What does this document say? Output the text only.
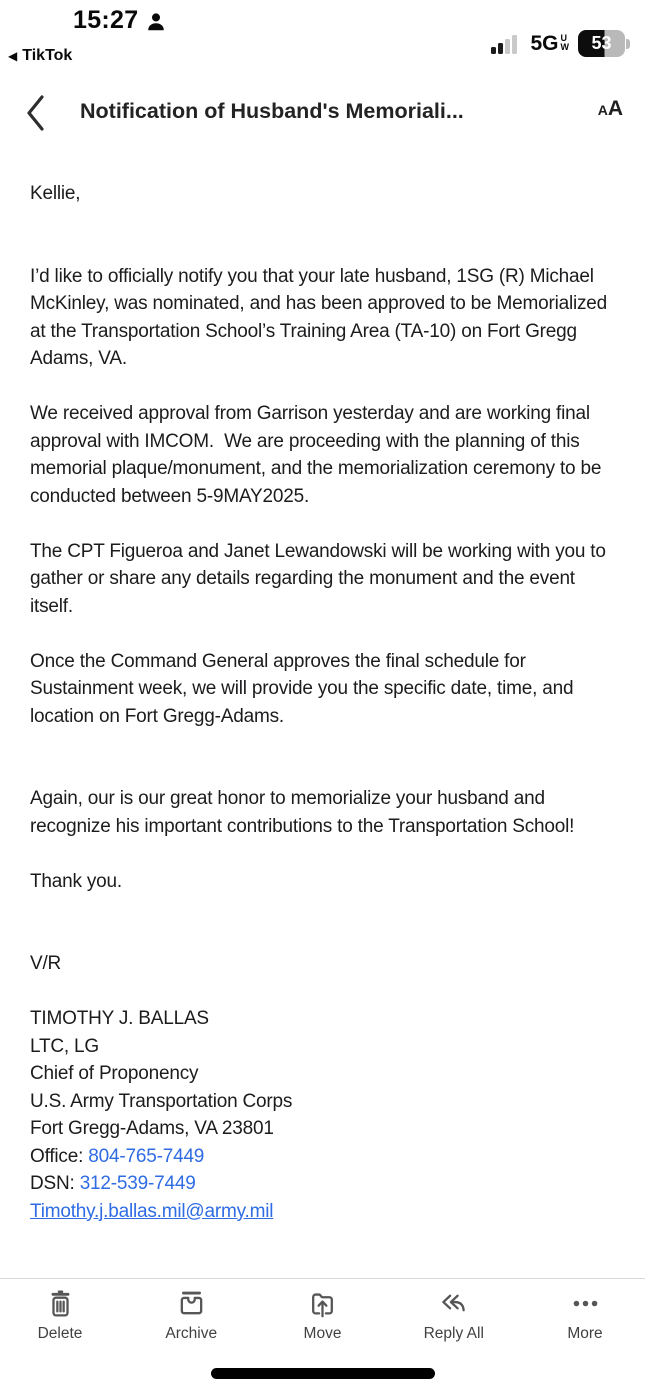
15:27
◀ TikTok
5G U
W 53
Notification of Husband's Memoriali...	A A
Kellie,
I’d like to officially notify you that your late husband, 1SG (R) Michael McKinley, was nominated, and has been approved to be Memorialized at the Transportation School’s Training Area (TA-10) on Fort Gregg Adams, VA.
We received approval from Garrison yesterday and are working final approval with IMCOM.  We are proceeding with the planning of this memorial plaque/monument, and the memorialization ceremony to be conducted between 5-9MAY2025.
The CPT Figueroa and Janet Lewandowski will be working with you to gather or share any details regarding the monument and the event itself.
Once the Command General approves the final schedule for Sustainment week, we will provide you the specific date, time, and location on Fort Gregg-Adams.
Again, our is our great honor to memorialize your husband and recognize his important contributions to the Transportation School!
Thank you.
V/R
TIMOTHY J. BALLAS
LTC, LG
Chief of Proponency
U.S. Army Transportation Corps
Fort Gregg-Adams, VA 23801
Office: 804-765-7449
DSN: 312-539-7449
Timothy.j.ballas.mil@army.mil
Delete	Archive	Move	Reply All	More
